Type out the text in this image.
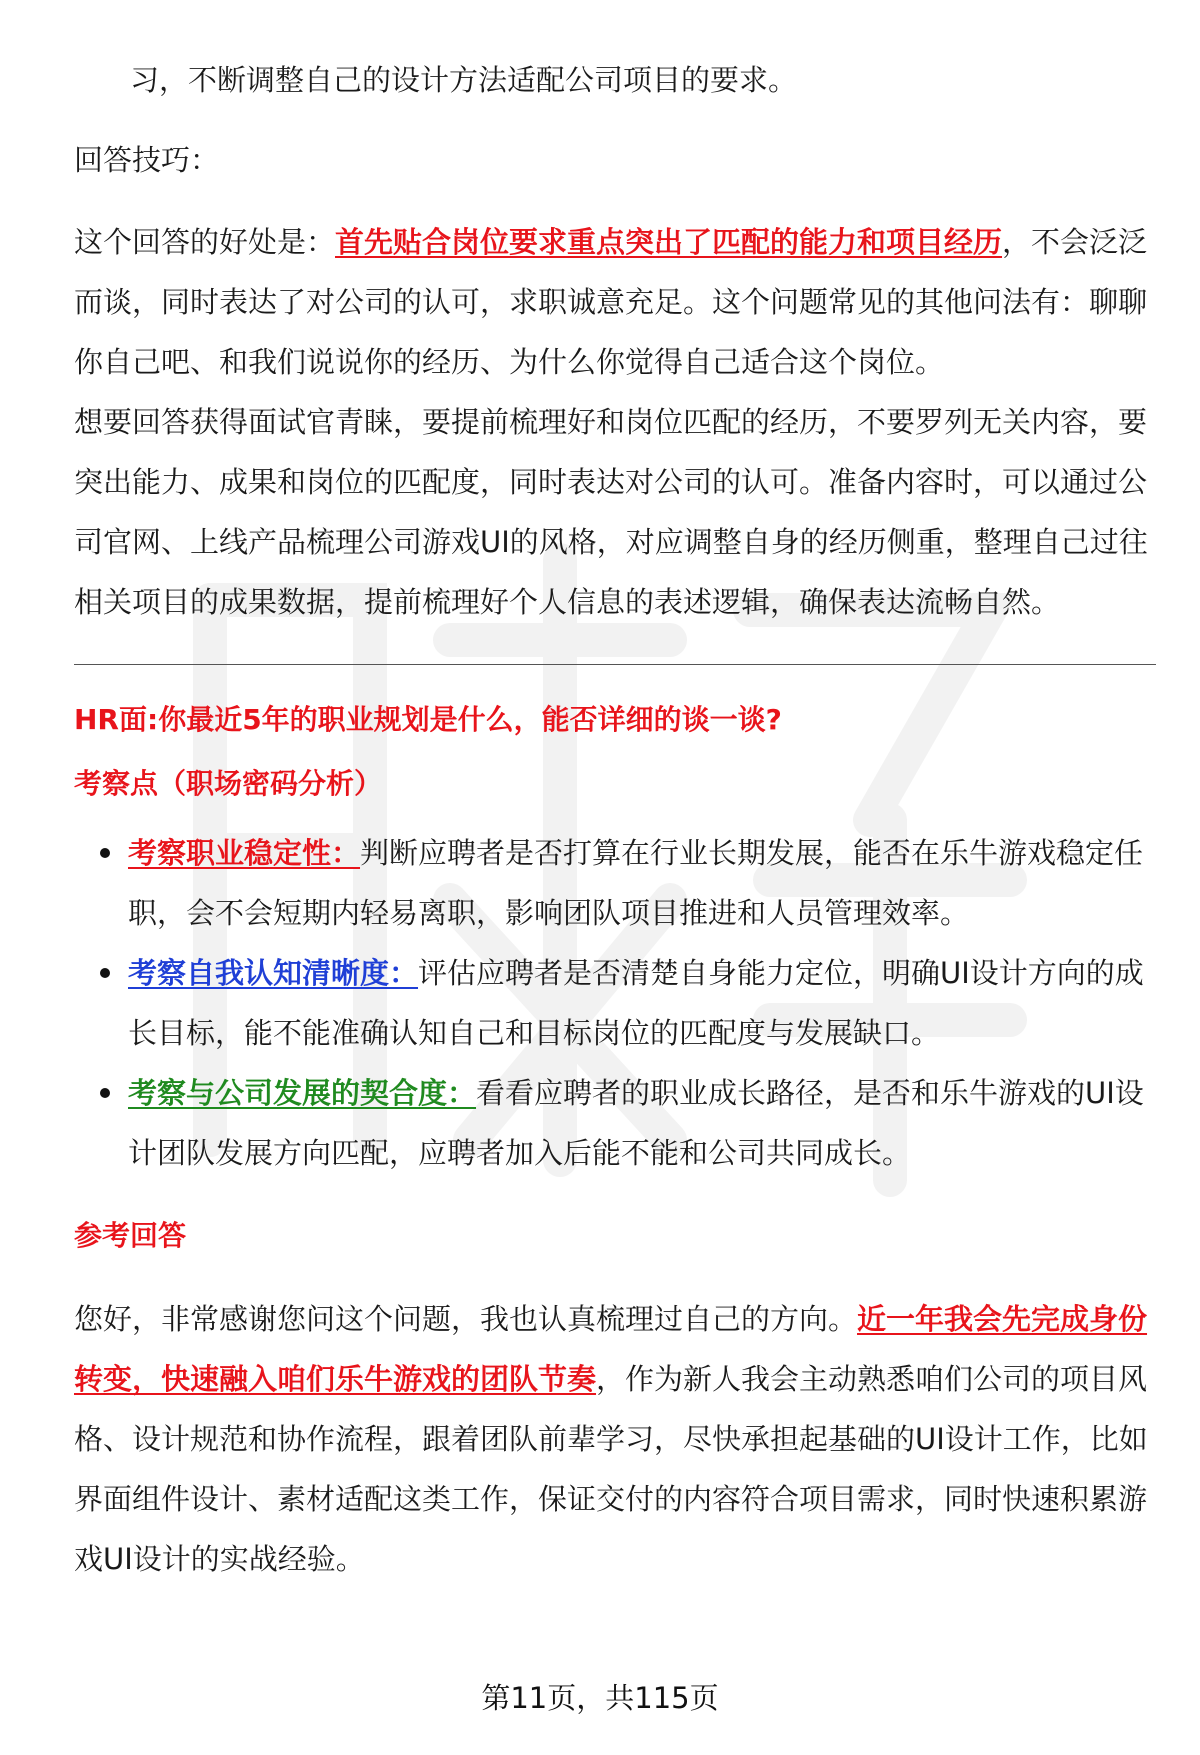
习，不断调整自己的设计方法适配公司项目的要求。

回答技巧：

这个回答的好处是：首先贴合岗位要求重点突出了匹配的能力和项目经历，不会泛泛而谈，同时表达了对公司的认可，求职诚意充足。这个问题常见的其他问法有：聊聊你自己吧、和我们说说你的经历、为什么你觉得自己适合这个岗位。

想要回答获得面试官青睐，要提前梳理好和岗位匹配的经历，不要罗列无关内容，要突出能力、成果和岗位的匹配度，同时表达对公司的认可。准备内容时，可以通过公司官网、上线产品梳理公司游戏UI的风格，对应调整自身的经历侧重，整理自己过往相关项目的成果数据，提前梳理好个人信息的表述逻辑，确保表达流畅自然。

HR面:你最近5年的职业规划是什么，能否详细的谈一谈?
考察点（职场密码分析）
考察职业稳定性：判断应聘者是否打算在行业长期发展，能否在乐牛游戏稳定任职，会不会短期内轻易离职，影响团队项目推进和人员管理效率。
考察自我认知清晰度：评估应聘者是否清楚自身能力定位，明确UI设计方向的成长目标，能不能准确认知自己和目标岗位的匹配度与发展缺口。
考察与公司发展的契合度：看看应聘者的职业成长路径，是否和乐牛游戏的UI设计团队发展方向匹配，应聘者加入后能不能和公司共同成长。
参考回答

您好，非常感谢您问这个问题，我也认真梳理过自己的方向。近一年我会先完成身份转变，快速融入咱们乐牛游戏的团队节奏，作为新人我会主动熟悉咱们公司的项目风格、设计规范和协作流程，跟着团队前辈学习，尽快承担起基础的UI设计工作，比如界面组件设计、素材适配这类工作，保证交付的内容符合项目需求，同时快速积累游戏UI设计的实战经验。

第11页，共115页
